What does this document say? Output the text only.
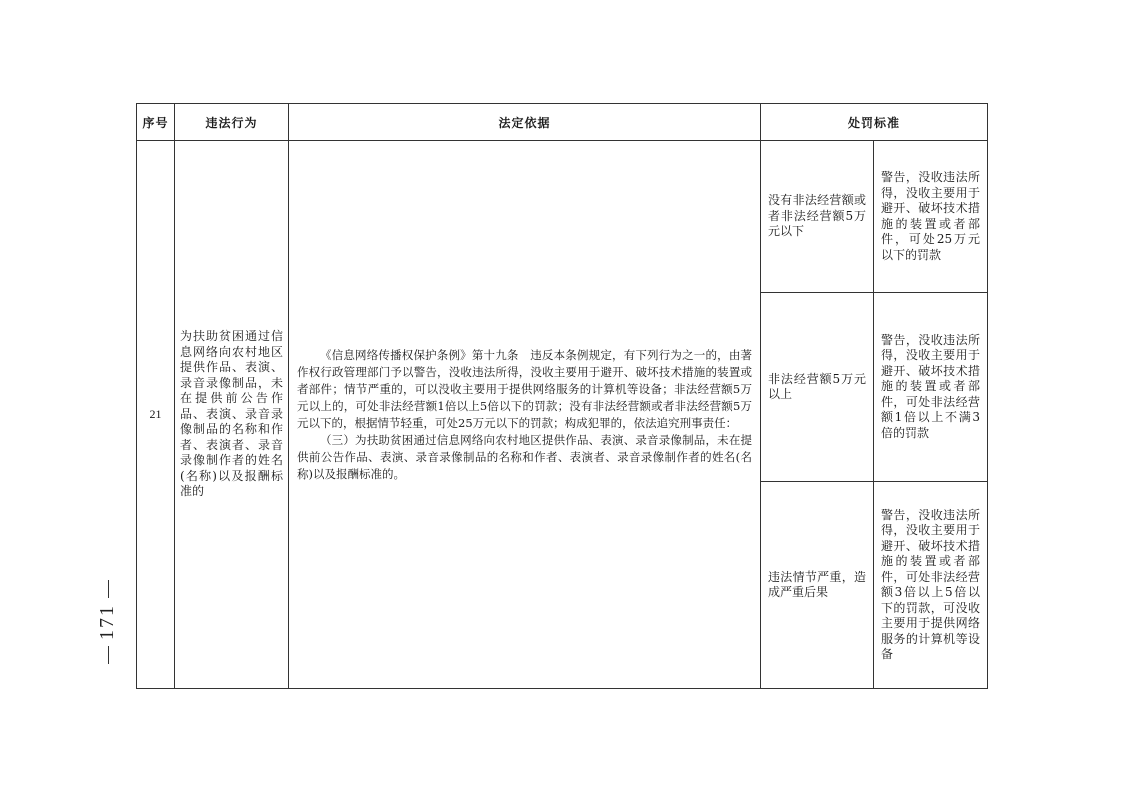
171
序号	违法行为	法定依据	处罚标准	
21	为扶助贫困通过信息网络向农村地区提供作品、表演、录音录像制品，未在提供前公告作品、表演、录音录像制品的名称和作者、表演者、录音录像制作者的姓名(名称)以及报酬标准的	《信息网络传播权保护条例》第十九条　违反本条例规定，有下列行为之一的，由著作权行政管理部门予以警告，没收违法所得，没收主要用于避开、破坏技术措施的装置或者部件；情节严重的，可以没收主要用于提供网络服务的计算机等设备；非法经营额5万元以上的，可处非法经营额1倍以上5倍以下的罚款；没有非法经营额或者非法经营额5万元以下的，根据情节轻重，可处25万元以下的罚款；构成犯罪的，依法追究刑事责任：

（三）为扶助贫困通过信息网络向农村地区提供作品、表演、录音录像制品，未在提供前公告作品、表演、录音录像制品的名称和作者、表演者、录音录像制作者的姓名(名称)以及报酬标准的。	没有非法经营额或者非法经营额5万元以下	警告，没收违法所得，没收主要用于避开、破坏技术措施的装置或者部件，可处25万元以下的罚款
			非法经营额5万元以上	警告，没收违法所得，没收主要用于避开、破坏技术措施的装置或者部件，可处非法经营额1倍以上不满3倍的罚款
			违法情节严重，造成严重后果	警告，没收违法所得，没收主要用于避开、破坏技术措施的装置或者部件，可处非法经营额3倍以上5倍以下的罚款，可没收主要用于提供网络服务的计算机等设备
